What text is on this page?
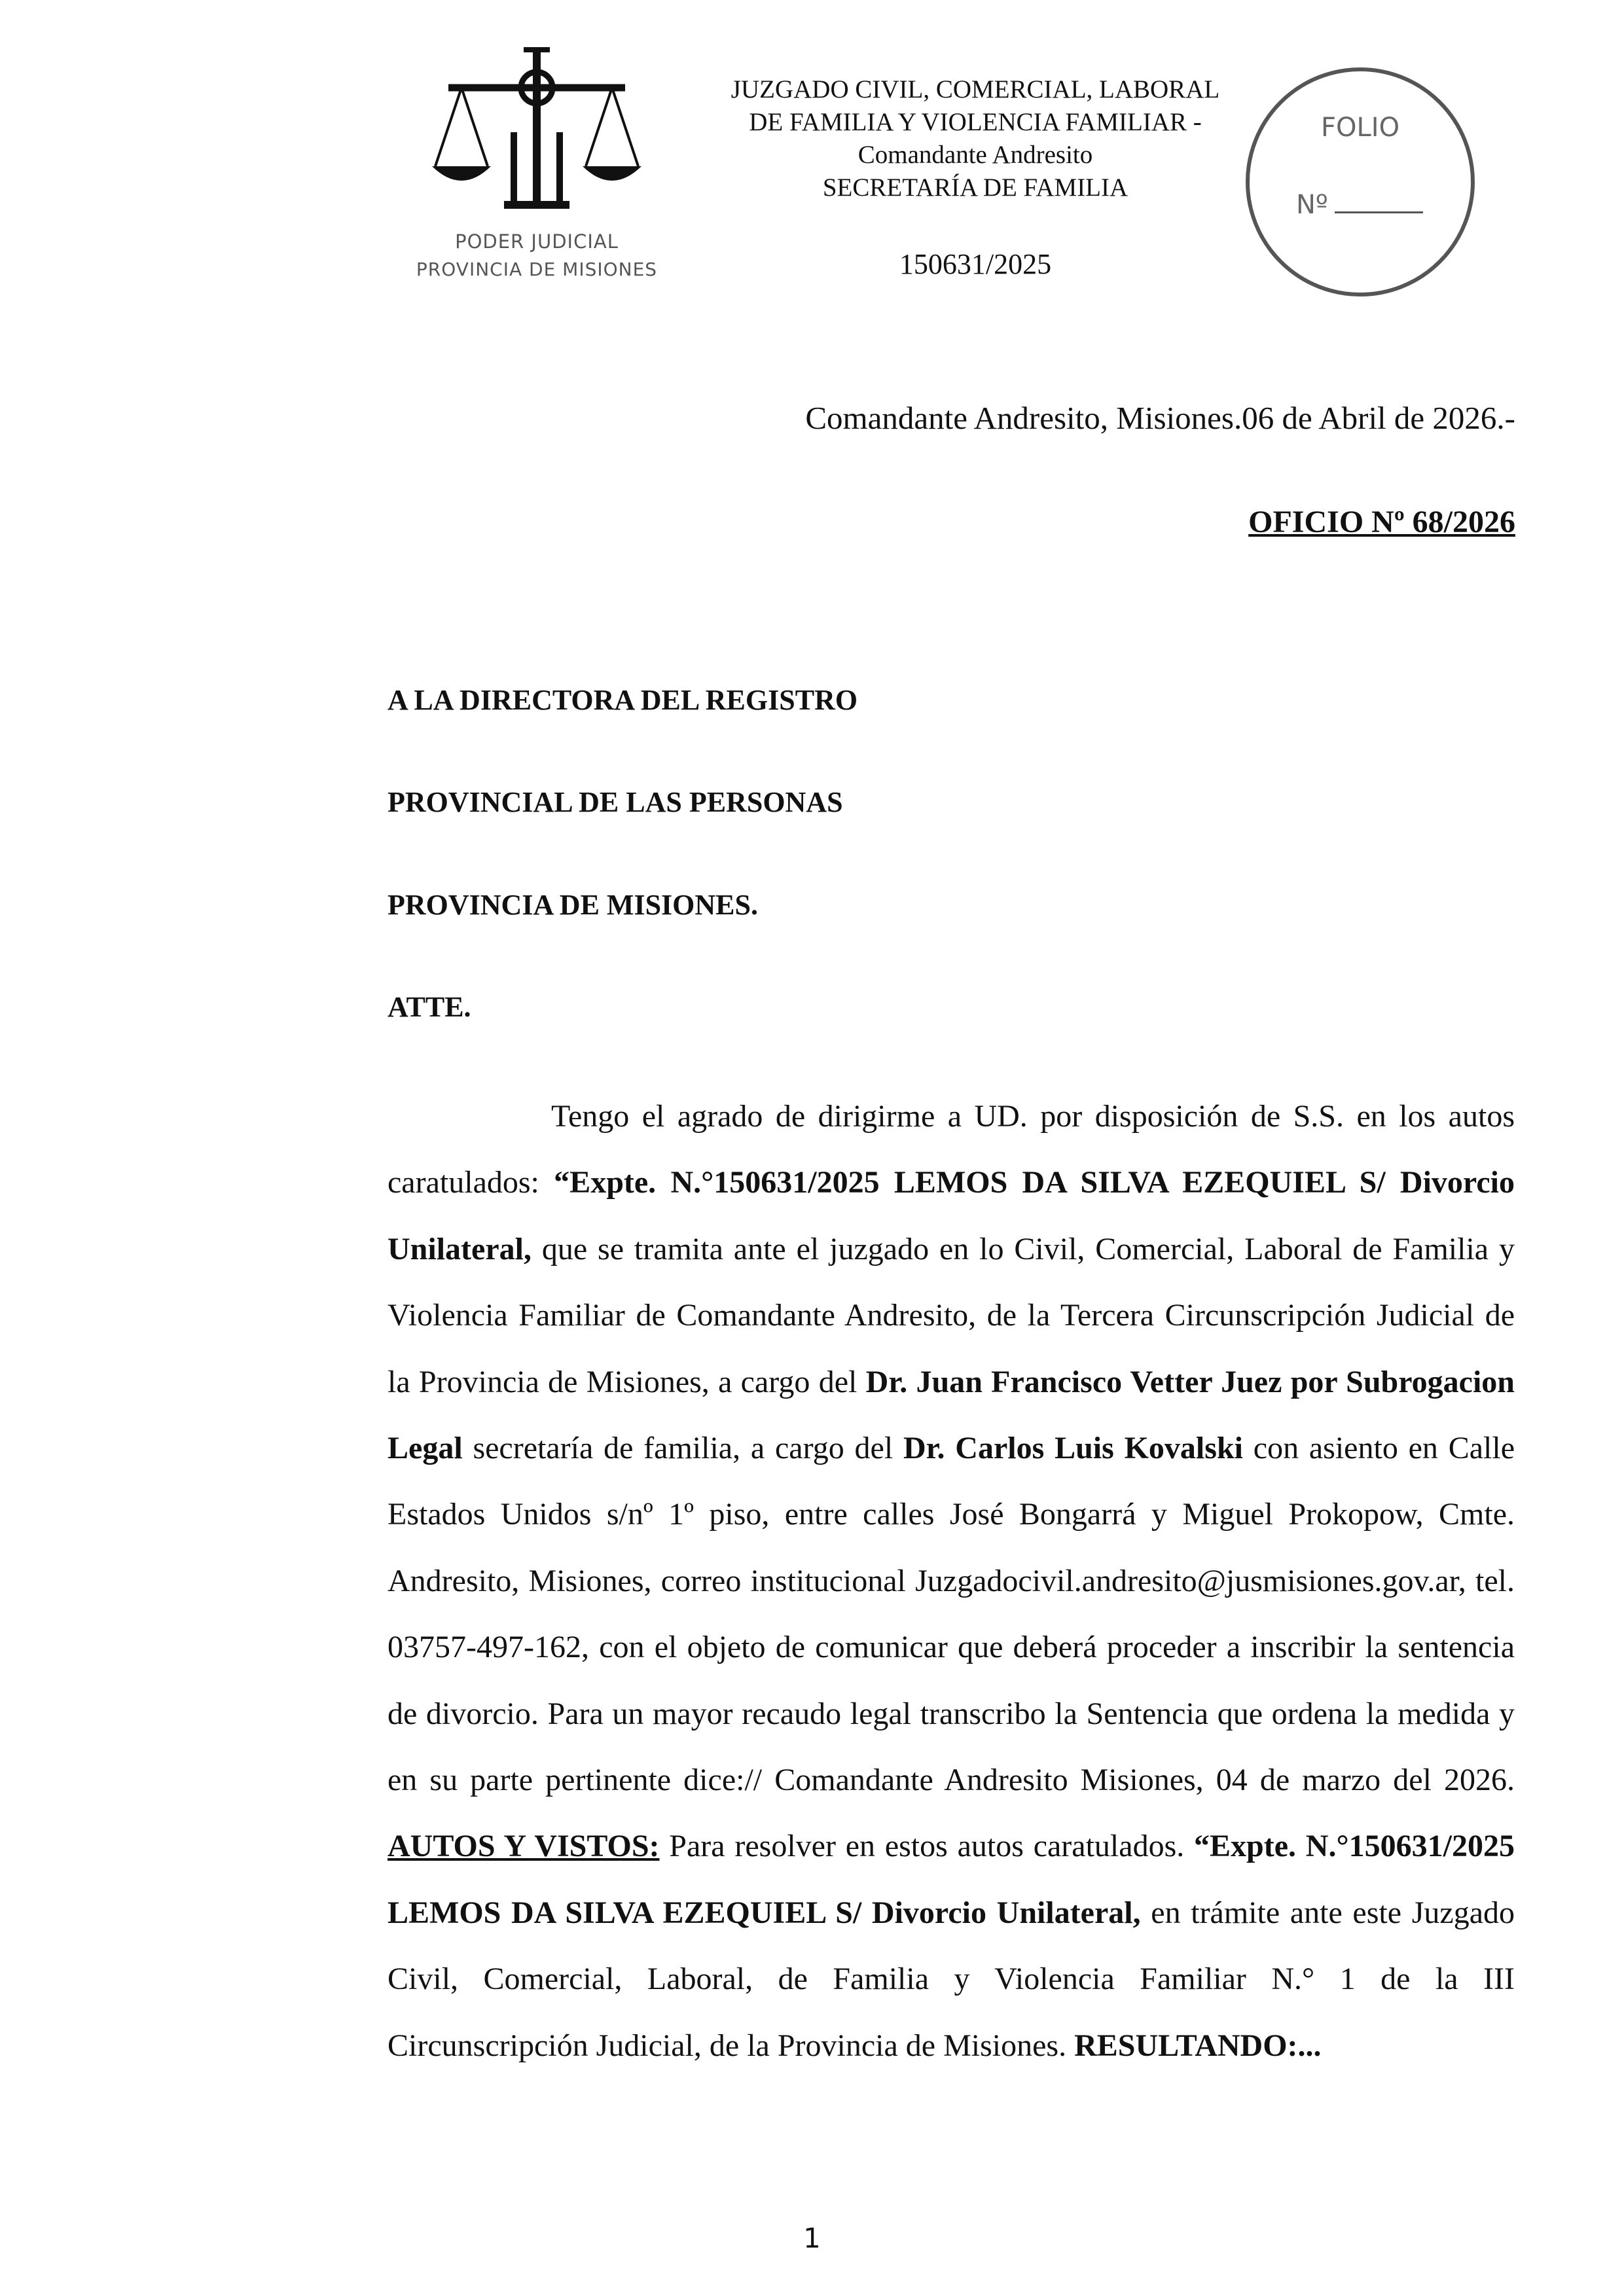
PODER JUDICIAL
PROVINCIA DE MISIONES
JUZGADO CIVIL, COMERCIAL, LABORAL
DE FAMILIA Y VIOLENCIA FAMILIAR -
Comandante Andresito
SECRETARÍA DE FAMILIA
150631/2025
FOLIO
Nº
Comandante Andresito, Misiones.06 de Abril de 2026.-
OFICIO Nº 68/2026
A LA DIRECTORA DEL REGISTRO
PROVINCIAL DE LAS PERSONAS
PROVINCIA DE MISIONES.
ATTE.

Tengo el agrado de dirigirme a UD. por disposición de S.S. en los autos caratulados: “Expte. N.°150631/2025 LEMOS DA SILVA EZEQUIEL S/ Divorcio Unilateral, que se tramita ante el juzgado en lo Civil, Comercial, Laboral de Familia y Violencia Familiar de Comandante Andresito, de la Tercera Circunscripción Judicial de la Provincia de Misiones, a cargo del Dr. Juan Francisco Vetter Juez por Subrogacion Legal secretaría de familia, a cargo del Dr. Carlos Luis Kovalski con asiento en Calle Estados Unidos s/nº 1º piso, entre calles José Bongarrá y Miguel Prokopow, Cmte. Andresito, Misiones, correo institucional Juzgadocivil.andresito@jusmisiones.gov.ar, tel. 03757-497-162, con el objeto de comunicar que deberá proceder a inscribir la sentencia de divorcio. Para un mayor recaudo legal transcribo la Sentencia que ordena la medida y en su parte pertinente dice:// Comandante Andresito Misiones, 04 de marzo del 2026. AUTOS Y VISTOS: Para resolver en estos autos caratulados. “Expte. N.°150631/2025 LEMOS DA SILVA EZEQUIEL S/ Divorcio Unilateral, en trámite ante este Juzgado Civil, Comercial, Laboral, de Familia y Violencia Familiar N.° 1 de la III Circunscripción Judicial, de la Provincia de Misiones. RESULTANDO:...

1
